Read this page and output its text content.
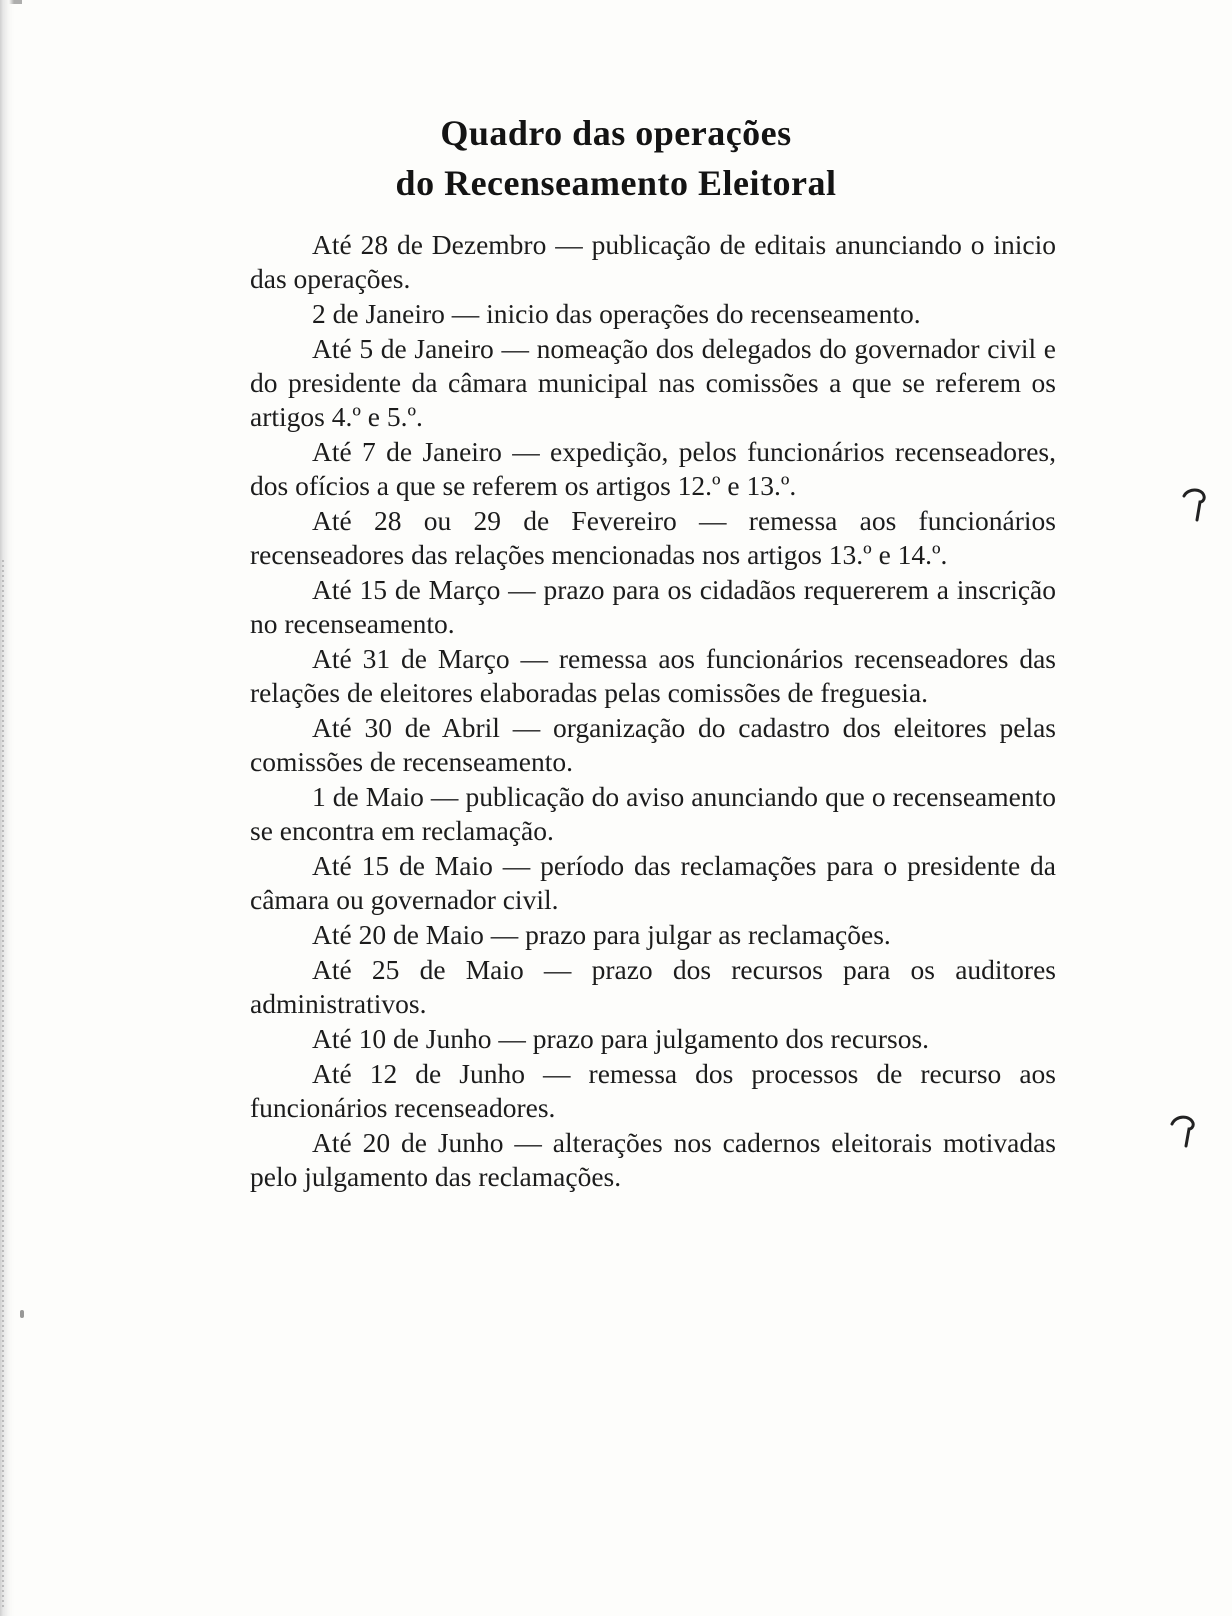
Quadro das operações
do Recenseamento Eleitoral

Até 28 de Dezembro — publicação de editais anunciando o inicio das operações.

2 de Janeiro — inicio das operações do recenseamento.

Até 5 de Janeiro — nomeação dos delegados do governador civil e do presidente da câmara municipal nas comissões a que se referem os artigos 4.º e 5.º.

Até 7 de Janeiro — expedição, pelos funcionários recenseadores, dos ofícios a que se referem os artigos 12.º e 13.º.

Até 28 ou 29 de Fevereiro — remessa aos funcionários recenseadores das relações mencionadas nos artigos 13.º e 14.º.

Até 15 de Março — prazo para os cidadãos requererem a inscrição no recenseamento.

Até 31 de Março — remessa aos funcionários recenseadores das relações de eleitores elaboradas pelas comissões de freguesia.

Até 30 de Abril — organização do cadastro dos eleitores pelas comissões de recenseamento.

1 de Maio — publicação do aviso anunciando que o recenseamento se encontra em reclamação.

Até 15 de Maio — período das reclamações para o presidente da câmara ou governador civil.

Até 20 de Maio — prazo para julgar as reclamações.

Até 25 de Maio — prazo dos recursos para os auditores administrativos.

Até 10 de Junho — prazo para julgamento dos recursos.

Até 12 de Junho — remessa dos processos de recurso aos funcionários recenseadores.

Até 20 de Junho — alterações nos cadernos eleitorais motivadas pelo julgamento das reclamações.
